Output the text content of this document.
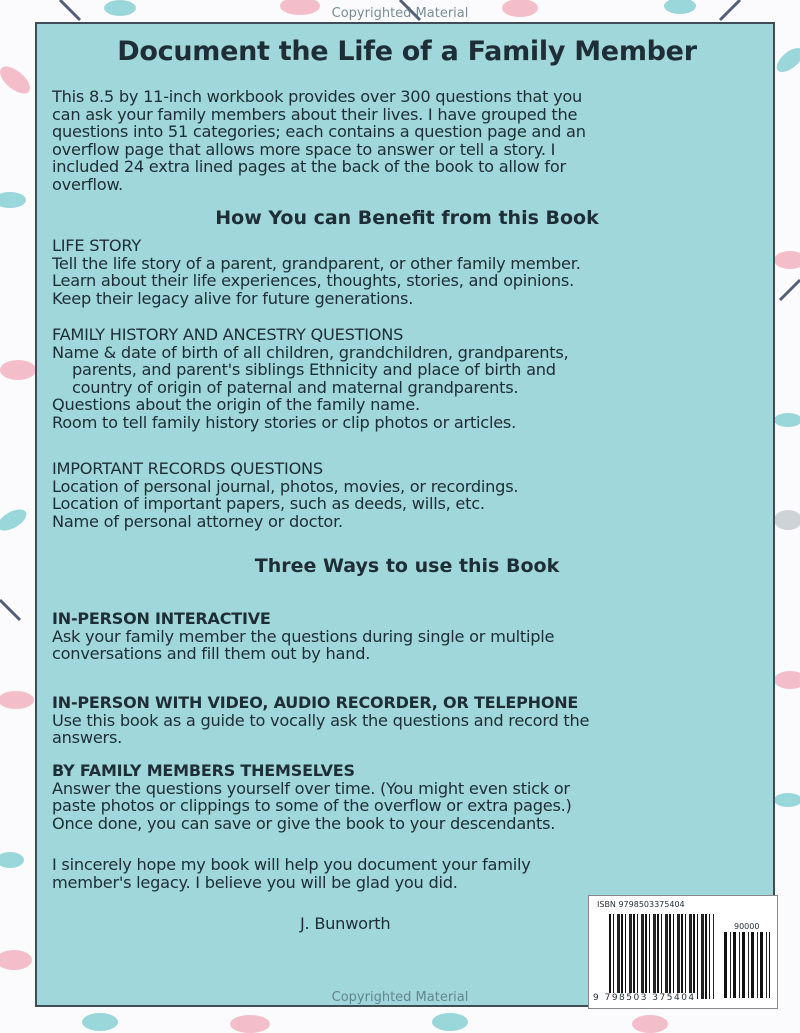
Copyrighted Material
Document the Life of a Family Member
This 8.5 by 11-inch workbook provides over 300 questions that you
can ask your family members about their lives. I have grouped the
questions into 51 categories; each contains a question page and an
overflow page that allows more space to answer or tell a story. I
included 24 extra lined pages at the back of the book to allow for
overflow.
How You can Benefit from this Book
LIFE STORY
Tell the life story of a parent, grandparent, or other family member.
Learn about their life experiences, thoughts, stories, and opinions.
Keep their legacy alive for future generations.
FAMILY HISTORY AND ANCESTRY QUESTIONS
Name & date of birth of all children, grandchildren, grandparents,
parents, and parent's siblings Ethnicity and place of birth and
country of origin of paternal and maternal grandparents.
Questions about the origin of the family name.
Room to tell family history stories or clip photos or articles.
IMPORTANT RECORDS QUESTIONS
Location of personal journal, photos, movies, or recordings.
Location of important papers, such as deeds, wills, etc.
Name of personal attorney or doctor.
Three Ways to use this Book
IN-PERSON INTERACTIVE
Ask your family member the questions during single or multiple
conversations and fill them out by hand.
IN-PERSON WITH VIDEO, AUDIO RECORDER, OR TELEPHONE
Use this book as a guide to vocally ask the questions and record the
answers.
BY FAMILY MEMBERS THEMSELVES
Answer the questions yourself over time. (You might even stick or
paste photos or clippings to some of the overflow or extra pages.)
Once done, you can save or give the book to your descendants.
I sincerely hope my book will help you document your family
member's legacy. I believe you will be glad you did.
J. Bunworth
ISBN 9798503375404
90000
9 798503 375404
Copyrighted Material
